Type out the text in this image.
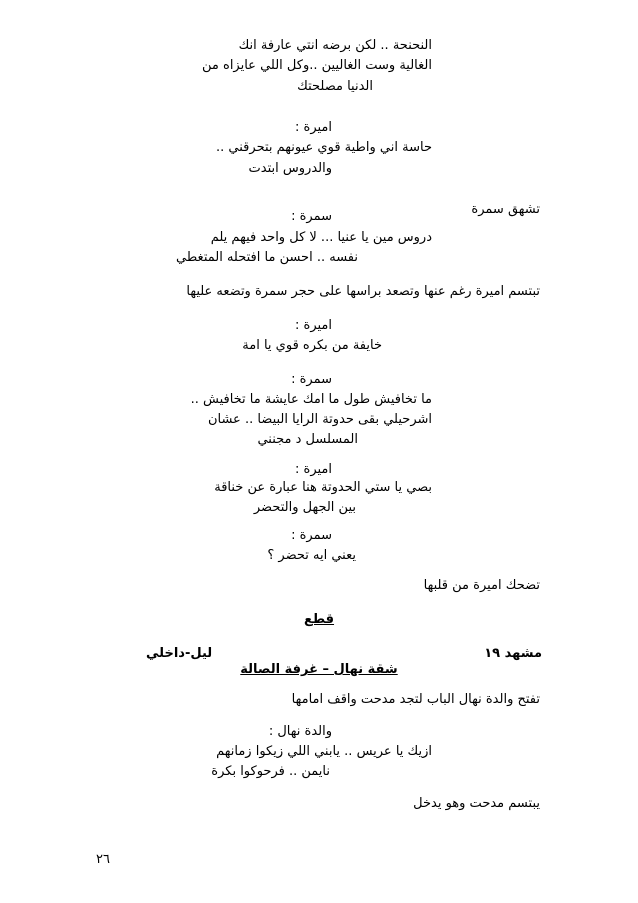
النحنحة .. لكن برضه انتي عارفة انك
الغالية وست الغاليين ..وكل اللي عايزاه من
الدنيا مصلحتك
اميرة :
حاسة اني واطية قوي عيونهم بتحرقني ..
والدروس ابتدت
تشهق سمرة
سمرة :
دروس مين يا عنيا ... لا كل واحد فيهم يلم
نفسه .. احسن ما افتحله المتغطي
تبتسم اميرة رغم عنها وتصعد براسها على حجر سمرة وتضعه عليها
اميرة :
خايفة من بكره قوي يا امة
سمرة :
ما تخافيش طول ما امك عايشة ما تخافيش ..
اشرحيلي بقى حدوتة الرايا البيضا .. عشان
المسلسل د مجنني
اميرة :
بصي يا ستي الحدوتة هنا عبارة عن خناقة
بين الجهل والتحضر
سمرة :
يعني ايه تحضر ؟
تضحك اميرة من قلبها
قطع
مشهد ١٩
ليل-داخلي
شقة نهال – غرفة الصالة
تفتح والدة نهال الباب لتجد مدحت واقف امامها
والدة نهال :
ازيك يا عريس .. يابني اللي زيكوا زمانهم
نايمن .. فرحوكوا بكرة
يبتسم مدحت وهو يدخل
٢٦
